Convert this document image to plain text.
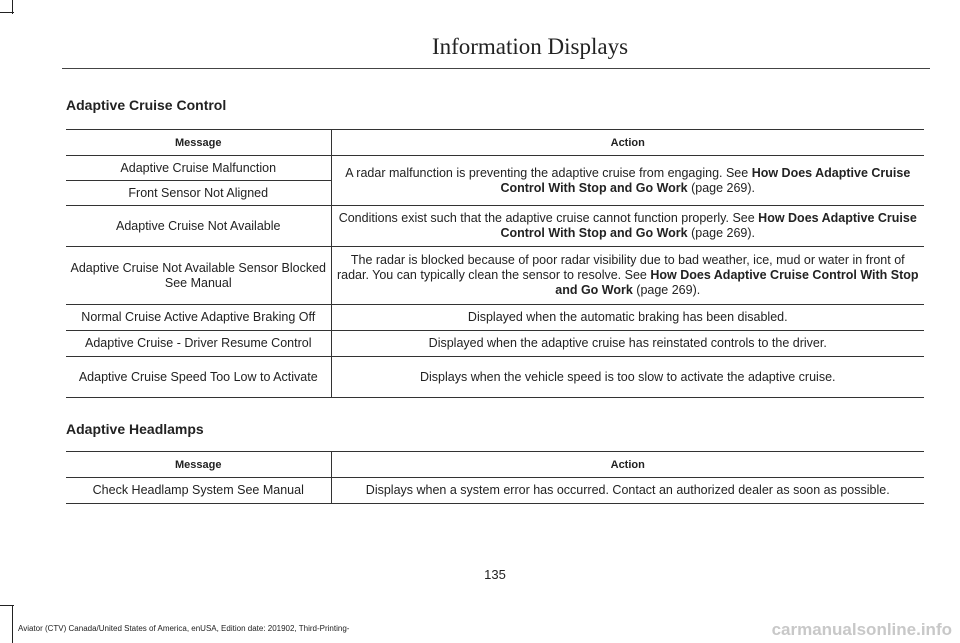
Information Displays
Adaptive Cruise Control
Message	Action
Adaptive Cruise Malfunction	A radar malfunction is preventing the adaptive cruise from engaging. See How Does Adaptive Cruise Control With Stop and Go Work (page 269).
Front Sensor Not Aligned	
Adaptive Cruise Not Available	Conditions exist such that the adaptive cruise cannot function properly. See How Does Adaptive Cruise Control With Stop and Go Work (page 269).
Adaptive Cruise Not Available Sensor Blocked See Manual	The radar is blocked because of poor radar visibility due to bad weather, ice, mud or water in front of radar. You can typically clean the sensor to resolve. See How Does Adaptive Cruise Control With Stop and Go Work (page 269).
Normal Cruise Active Adaptive Braking Off	Displayed when the automatic braking has been disabled.
Adaptive Cruise - Driver Resume Control	Displayed when the adaptive cruise has reinstated controls to the driver.
Adaptive Cruise Speed Too Low to Activate	Displays when the vehicle speed is too slow to activate the adaptive cruise.
Adaptive Headlamps
Message	Action
Check Headlamp System See Manual	Displays when a system error has occurred. Contact an authorized dealer as soon as possible.
135
Aviator (CTV) Canada/United States of America, enUSA, Edition date: 201902, Third-Printing-	carmanualsonline.info
